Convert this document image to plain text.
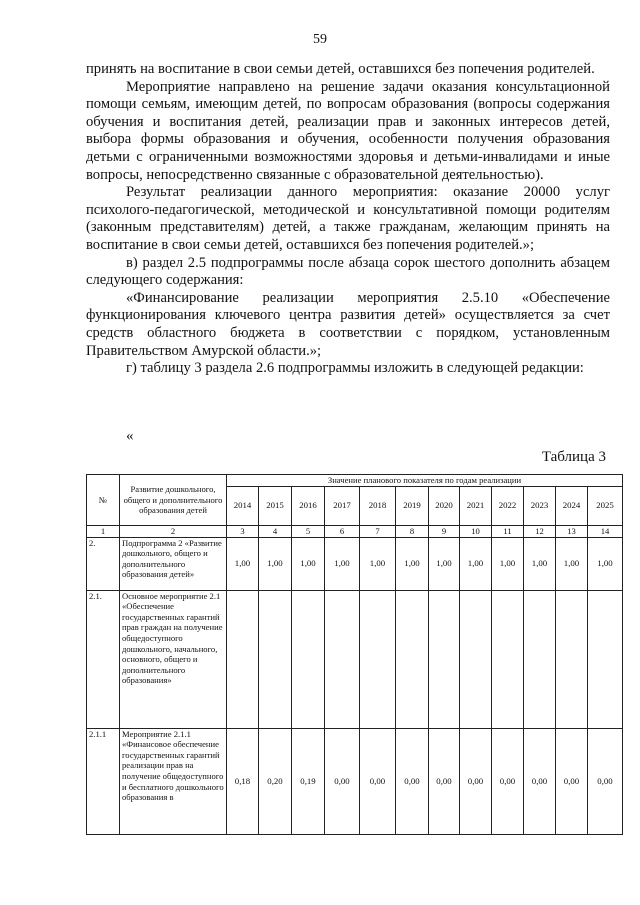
59

принять на воспитание в свои семьи детей, оставшихся без попечения родителей.

Мероприятие направлено на решение задачи оказания консультационной помощи семьям, имеющим детей, по вопросам образования (вопросы содержания обучения и воспитания детей, реализации прав и законных интересов детей, выбора формы образования и обучения, особенности получения образования детьми с ограниченными возможностями здоровья и детьми-инвалидами и иные вопросы, непосредственно связанные с образовательной деятельностью).

Результат реализации данного мероприятия: оказание 20000 услуг психолого-педагогической, методической и консультативной помощи родителям (законным представителям) детей, а также гражданам, желающим принять на воспитание в свои семьи детей, оставшихся без попечения родителей.»;

в) раздел 2.5 подпрограммы после абзаца сорок шестого дополнить абзацем следующего содержания:

«Финансирование реализации мероприятия 2.5.10 «Обеспечение функционирования ключевого центра развития детей» осуществляется за счет средств областного бюджета в соответствии с порядком, установленным Правительством Амурской области.»;

г) таблицу 3 раздела 2.6 подпрограммы изложить в следующей редакции:

«
Таблица 3
№	Развитие дошкольного, общего и дополнительного образования детей	Значение планового показателя по годам реализации											
		2014	2015	2016	2017	2018	2019	2020	2021	2022	2023	2024	2025
1	2	3	4	5	6	7	8	9	10	11	12	13	14
2.	Подпрограмма 2 «Развитие дошкольного, общего и дополнительного образования детей»	1,00	1,00	1,00	1,00	1,00	1,00	1,00	1,00	1,00	1,00	1,00	1,00
2.1.	Основное мероприятие 2.1 «Обеспечение государственных гарантий прав граждан на получение общедоступного дошкольного, начального, основного, общего и дополнительного образования»												
2.1.1	Мероприятие 2.1.1 «Финансовое обеспечение государственных гарантий реализации прав на получение общедоступного и бесплатного дошкольного образования в	0,18	0,20	0,19	0,00	0,00	0,00	0,00	0,00	0,00	0,00	0,00	0,00
